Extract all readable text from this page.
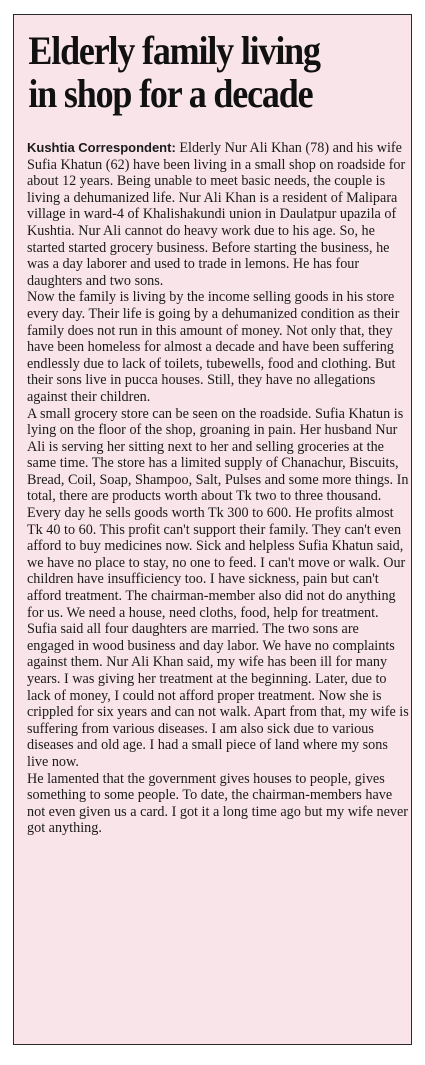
Elderly family living
in shop for a decade

Kushtia Correspondent: Elderly Nur Ali Khan (78) and his wife Sufia Khatun (62) have been living in a small shop on roadside for about 12 years. Being unable to meet basic needs, the couple is living a dehumanized life. Nur Ali Khan is a resident of Malipara village in ward-4 of Khalishakundi union in Daulatpur upazila of Kushtia. Nur Ali cannot do heavy work due to his age. So, he started started grocery business. Before starting the business, he was a day laborer and used to trade in lemons. He has four daughters and two sons.

Now the family is living by the income selling goods in his store every day. Their life is going by a dehumanized condition as their family does not run in this amount of money. Not only that, they have been homeless for almost a decade and have been suffering endlessly due to lack of toilets, tubewells, food and clothing. But their sons live in pucca houses. Still, they have no allegations against their children.

A small grocery store can be seen on the roadside. Sufia Khatun is lying on the floor of the shop, groaning in pain. Her husband Nur Ali is serving her sitting next to her and selling groceries at the same time. The store has a limited supply of Chanachur, Biscuits, Bread, Coil, Soap, Shampoo, Salt, Pulses and some more things. In total, there are products worth about Tk two to three thousand.

Every day he sells goods worth Tk 300 to 600. He profits almost Tk 40 to 60. This profit can't support their family. They can't even afford to buy medicines now. Sick and helpless Sufia Khatun said, we have no place to stay, no one to feed. I can't move or walk. Our children have insufficiency too. I have sickness, pain but can't afford treatment. The chairman-member also did not do anything for us. We need a house, need cloths, food, help for treatment. Sufia said all four daughters are married. The two sons are engaged in wood business and day labor. We have no complaints against them. Nur Ali Khan said, my wife has been ill for many years. I was giving her treatment at the beginning. Later, due to lack of money, I could not afford proper treatment. Now she is crippled for six years and can not walk. Apart from that, my wife is suffering from various diseases. I am also sick due to various diseases and old age. I had a small piece of land where my sons live now.

He lamented that the government gives houses to people, gives something to some people. To date, the chairman-members have not even given us a card. I got it a long time ago but my wife never got anything.
